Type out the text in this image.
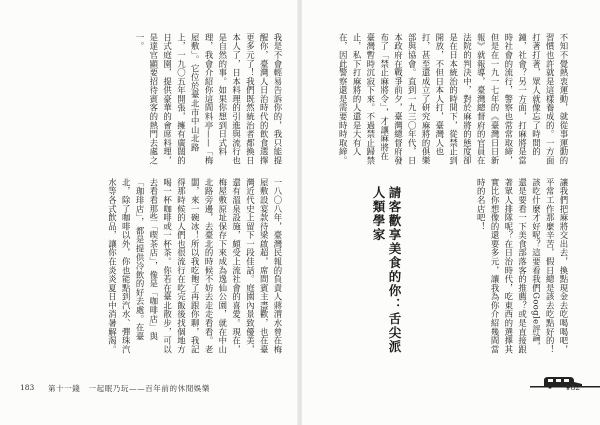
我是不會輕易告訴你的，我只能提醒你，臺灣人日治時代的飲食選擇更多元了！我們既然統治者都換日本人了，日本料理的引進與流行也是自然的事。如果你想到日式料理，我會介紹你這間料亭——「梅屋敷」。它位於臺北市中山北路上，一九〇五年開張，擁有廣闊的日式庭園，提供豪華的會席料理，是達官顯要招待賓客的熱門去處之一。
一八〇八年，臺灣民報的負責人蔣渭水曾在梅屋敷設宴款待梁啟超，席間賓主盡歡，也在臺灣近代史上留下一段佳話。庭園內景致優美，還有溫泉設施，頗受上流社會的喜愛。現在，梅屋敷原址保存下來成為逸仙公園，就在中山北路旁邊，去臺北的時候不妨去走走看看。老闆，來一碗冰！所以我吃飽了再跟你聊，我記得那時候的人們也很流行在吃完飯後找個地方喝一杯咖啡或一杯茶。你若在臺北散步，可以去看看那些「喫茶店」，像是「咖啡店」與「珈琲店」，都是提供冷飲的好去處。在臺北，除了咖啡以外，你也能點到汽水、彈珠汽水等各式飲品，讓你在炎炎夏日中消暑解渴。
183 第十一錢　一起眠乃玩——百年前的休閒娛樂
不知不覺熱衷運動，就從事運動的習慣也許就是這樣養成的。一方面打著打著，眾人就像忘了時間的鐘，社會？另一方面，打麻將是當時社會的流行，警察也常常取締，但是在一九一七年的《臺灣日日新報》就報導，臺灣總督府的官員在法院的判決中，對於麻將的態度卻是在日本統治的時間下，從禁止到開放，不但日本人打，臺灣人也打，甚至還成立了研究麻將的俱樂部與協會。直到一九三〇年代，日本政府在戰爭前夕，臺灣總督府發布了「禁止麻將令」，才讓麻將在臺灣暫時沉寂下來。不過禁止歸禁止，私下打麻將的人還是大有人在，因此警察還是需要時時取締。
請客歡享美食的你：舌尖派人類學家	讓我們把麻將交出去，換點現金去吃喝喝吧，平常工作那麼辛苦，假日總是該去吃點好的！該吃什麼才好呢？這要看我們Google評論，還是要看一下美食部落客的推薦？或是直接跟著眾人排隊呢？在日治時代，吃東西的選擇其實比你想像的還要多元，讓我為你介紹幾間當時的名店吧！
182
